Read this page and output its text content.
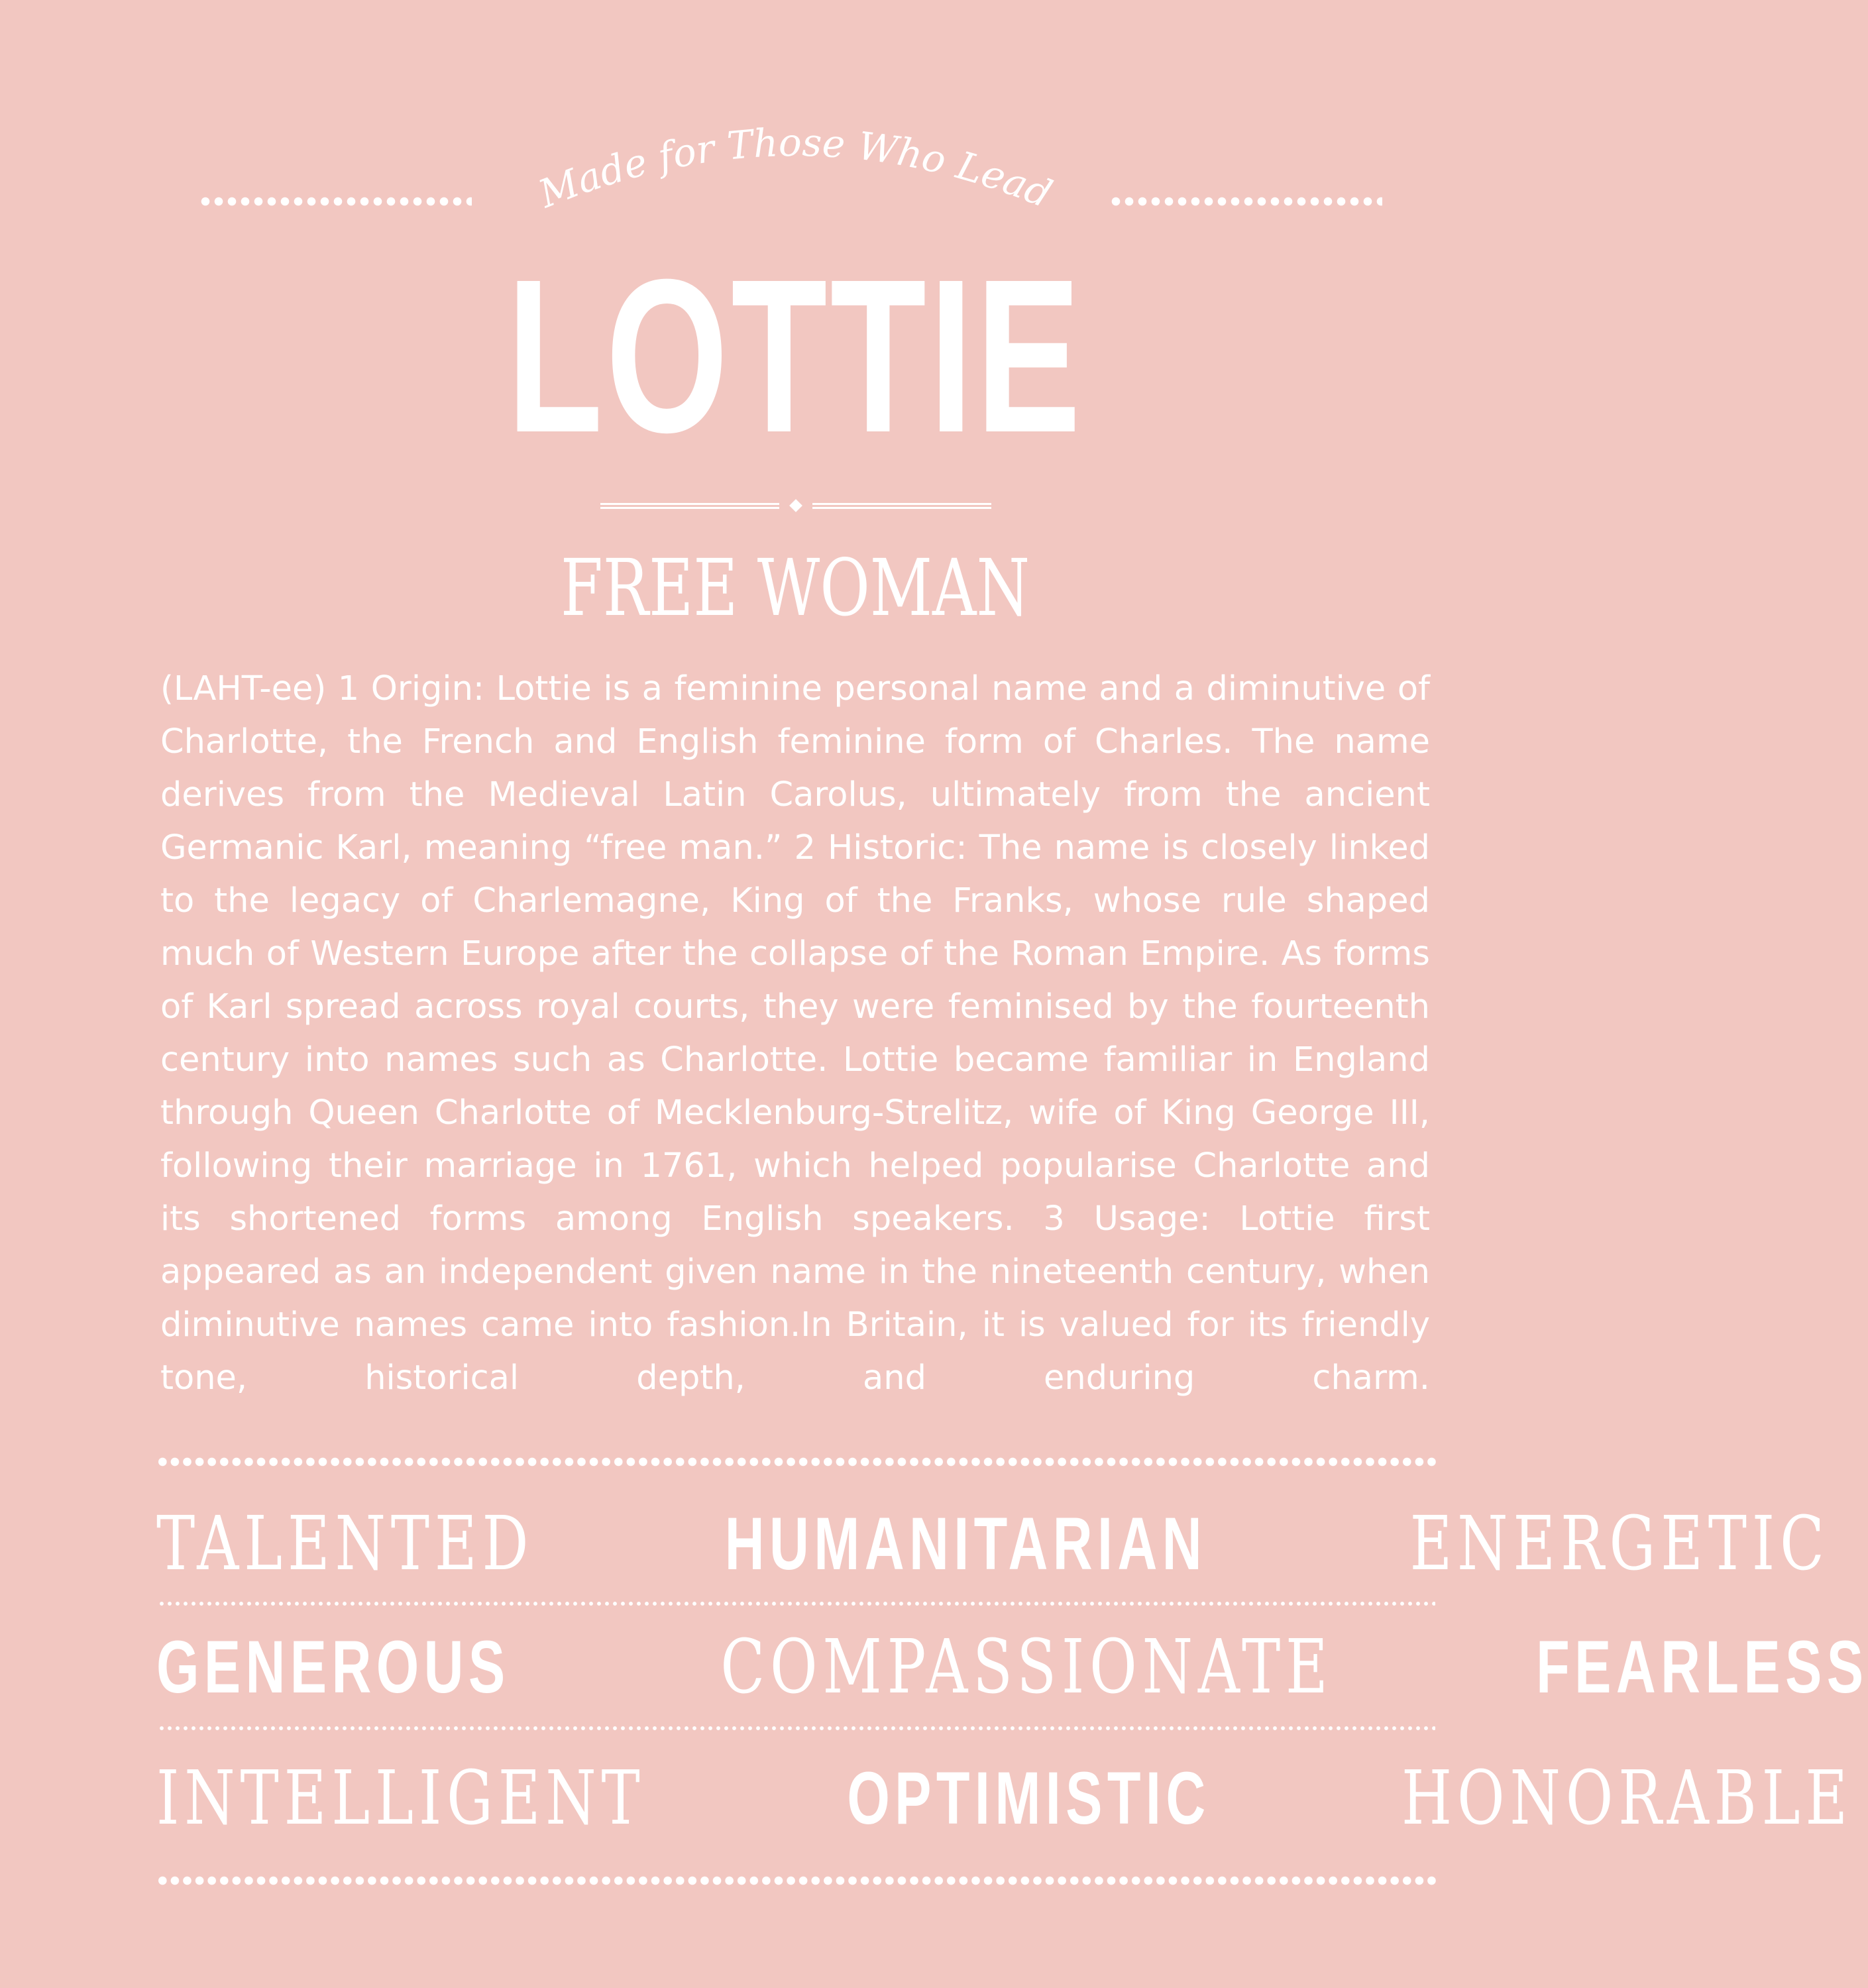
Made for Those Who Lead
LOTTIE
FREE WOMAN
(LAHT-ee) 1 Origin: Lottie is a feminine personal name and a diminutive of Charlotte, the French and English feminine form of Charles. The name derives from the Medieval Latin Carolus, ultimately from the ancient Germanic Karl, meaning “free man.” 2 Historic: The name is closely linked to the legacy of Charlemagne, King of the Franks, whose rule shaped much of Western Europe after the collapse of the Roman Empire. As forms of Karl spread across royal courts, they were feminised by the fourteenth century into names such as Charlotte. Lottie became familiar in England through Queen Charlotte of Mecklenburg-Strelitz, wife of King George III, following their marriage in 1761, which helped popularise Charlotte and its shortened forms among English speakers. 3 Usage: Lottie first appeared as an independent given name in the nineteenth century, when diminutive names came into fashion.In Britain, it is valued for its friendly tone, historical depth, and enduring charm.
TALENTED	HUMANITARIAN	ENERGETIC
GENEROUS	COMPASSIONATE	FEARLESS
INTELLIGENT	OPTIMISTIC	HONORABLE
